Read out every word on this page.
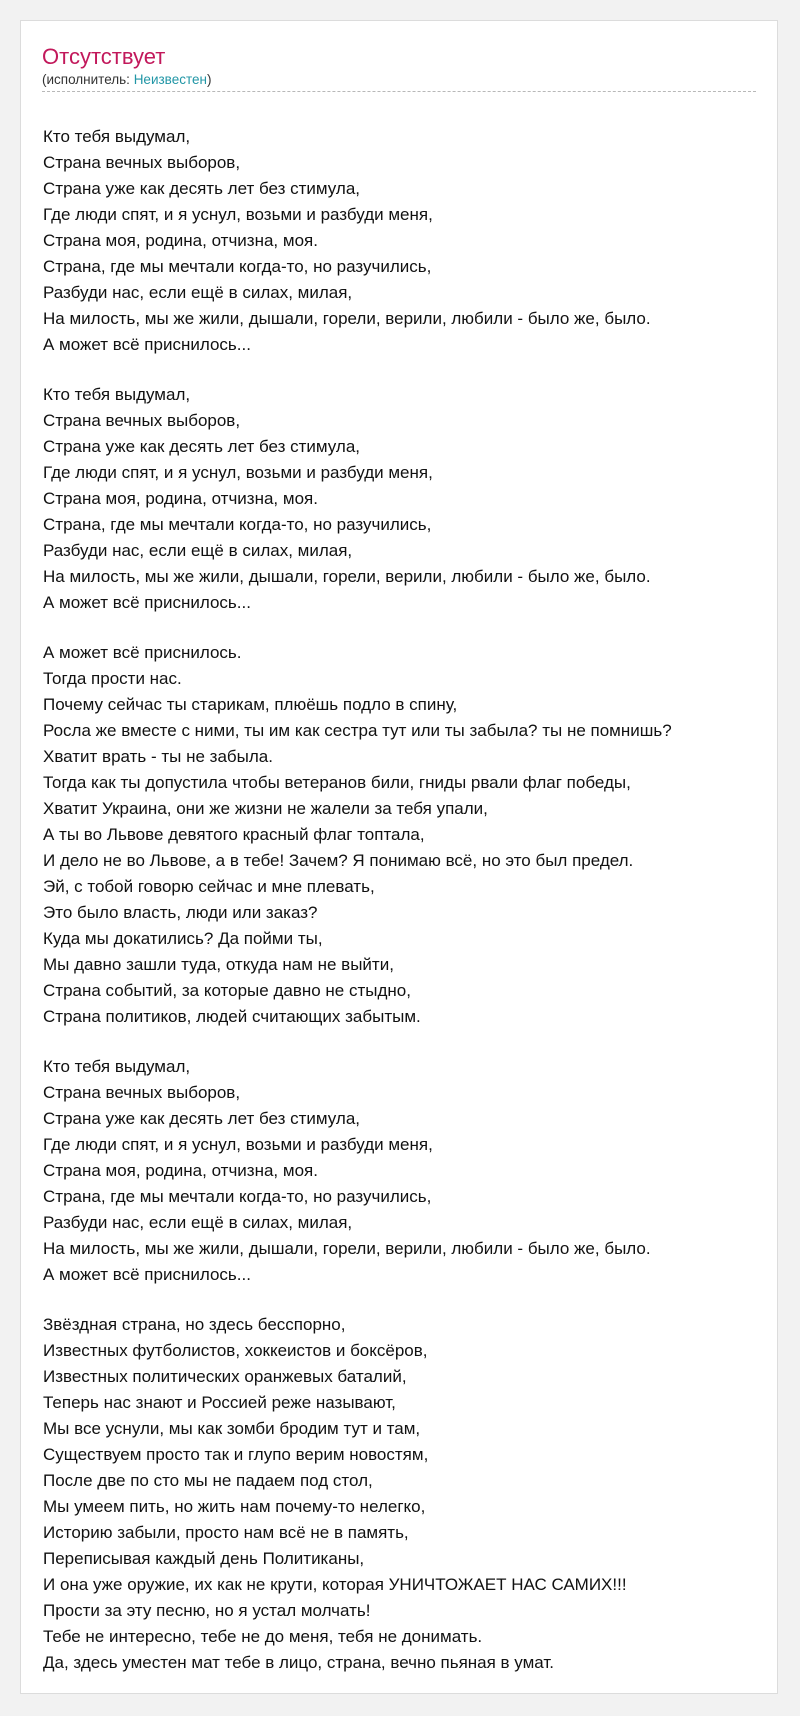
Отсутствует
(исполнитель: Неизвестен)
Кто тебя выдумал,
Страна вечных выборов,
Страна уже как десять лет без стимула,
Где люди спят, и я уснул, возьми и разбуди меня,
Страна моя, родина, отчизна, моя.
Страна, где мы мечтали когда-то, но разучились,
Разбуди нас, если ещё в силах, милая,
На милость, мы же жили, дышали, горели, верили, любили - было же, было.
А может всё приснилось...
Кто тебя выдумал,
Страна вечных выборов,
Страна уже как десять лет без стимула,
Где люди спят, и я уснул, возьми и разбуди меня,
Страна моя, родина, отчизна, моя.
Страна, где мы мечтали когда-то, но разучились,
Разбуди нас, если ещё в силах, милая,
На милость, мы же жили, дышали, горели, верили, любили - было же, было.
А может всё приснилось...
А может всё приснилось.
Тогда прости нас.
Почему сейчас ты старикам, плюёшь подло в спину,
Росла же вместе с ними, ты им как сестра тут или ты забыла? ты не помнишь?
Хватит врать - ты не забыла.
Тогда как ты допустила чтобы ветеранов били, гниды рвали флаг победы,
Хватит Украина, они же жизни не жалели за тебя упали,
А ты во Львове девятого красный флаг топтала,
И дело не во Львове, а в тебе! Зачем? Я понимаю всё, но это был предел.
Эй, с тобой говорю сейчас и мне плевать,
Это было власть, люди или заказ?
Куда мы докатились? Да пойми ты,
Мы давно зашли туда, откуда нам не выйти,
Страна событий, за которые давно не стыдно,
Страна политиков, людей считающих забытым.
Кто тебя выдумал,
Страна вечных выборов,
Страна уже как десять лет без стимула,
Где люди спят, и я уснул, возьми и разбуди меня,
Страна моя, родина, отчизна, моя.
Страна, где мы мечтали когда-то, но разучились,
Разбуди нас, если ещё в силах, милая,
На милость, мы же жили, дышали, горели, верили, любили - было же, было.
А может всё приснилось...
Звёздная страна, но здесь бесспорно,
Известных футболистов, хоккеистов и боксёров,
Известных политических оранжевых баталий,
Теперь нас знают и Россией реже называют,
Мы все уснули, мы как зомби бродим тут и там,
Существуем просто так и глупо верим новостям,
После две по сто мы не падаем под стол,
Мы умеем пить, но жить нам почему-то нелегко,
Историю забыли, просто нам всё не в память,
Переписывая каждый день Политиканы,
И она уже оружие, их как не крути, которая УНИЧТОЖАЕТ НАС САМИХ!!!
Прости за эту песню, но я устал молчать!
Тебе не интересно, тебе не до меня, тебя не донимать.
Да, здесь уместен мат тебе в лицо, страна, вечно пьяная в умат.
